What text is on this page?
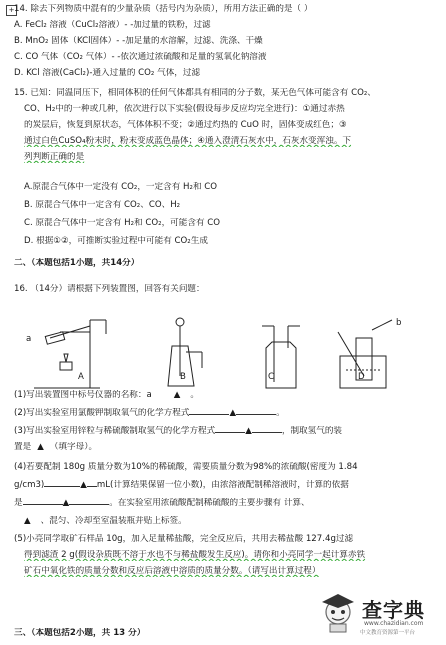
+ 14. 除去下列物质中混有的少量杂质（括号内为杂质），所用方法正确的是（ ）
A. FeCl₂ 溶液（CuCl₂溶液）- -加过量的铁粉，过滤
B. MnO₂ 固体（KCl固体）- -加足量的水溶解，过滤、洗涤、干燥
C. CO 气体（CO₂ 气体）- -依次通过浓硫酸和足量的氢氧化钠溶液
D. KCl 溶液(CaCl₂)-通入过量的 CO₂ 气体，过滤
15. 已知：同温同压下，相同体积的任何气体都具有相同的分子数，某无色气体可能含有 CO₂、
CO、H₂中的一种或几种，依次进行以下实验(假设每步反应均完全进行)：①通过赤热
的炭层后，恢复到原状态，气体体积不变；②通过灼热的 CuO 时，固体变成红色；③
通过白色CuSO₄粉末时，粉末变成蓝色晶体；④通入澄清石灰水中，石灰水变浑浊。下
列判断正确的是
A.原混合气体中一定没有 CO₂，一定含有 H₂和 CO
B. 原混合气体中一定含有 CO₂、CO、H₂
C. 原混合气体中一定含有 H₂和 CO₂，可能含有 CO
D. 根据①②，可推断实验过程中可能有 CO₂生成
二、（本题包括1小题，共14分）
16. （14分）请根据下列装置图，回答有关问题：
a
b
A	B	C	D
(1)写出装置图中标号仪器的名称：a	▲ 。
(2)写出实验室用氯酸钾制取氧气的化学方程式	▲	。
(3)写出实验室用锌粒与稀硫酸制取氢气的化学方程式	▲	，制取氢气的装
置是 ▲ （填字母）。
(4)若要配制 180g 质量分数为10%的稀硫酸，需要质量分数为98%的浓硫酸(密度为 1.84
g/cm3)	▲ mL(计算结果保留一位小数)，由浓溶液配制稀溶液时，计算的依据
是	▲	。在实验室用浓硫酸配制稀硫酸的主要步骤有 计算、
▲ 、混匀、冷却至室温装瓶并贴上标签。
(5)小亮同学取矿石样品 10g，加入足量稀盐酸，完全反应后，共用去稀盐酸 127.4g过滤
得到滤渣 2 g(假设杂质既不溶于水也不与稀盐酸发生反应)。请你和小亮同学一起计算赤铁
矿石中氧化铁的质量分数和反应后溶液中溶质的质量分数。（请写出计算过程）
三、（本题包括2小题，共 13 分）
查字典
www.chazidian.com
中文教育资源第一平台
